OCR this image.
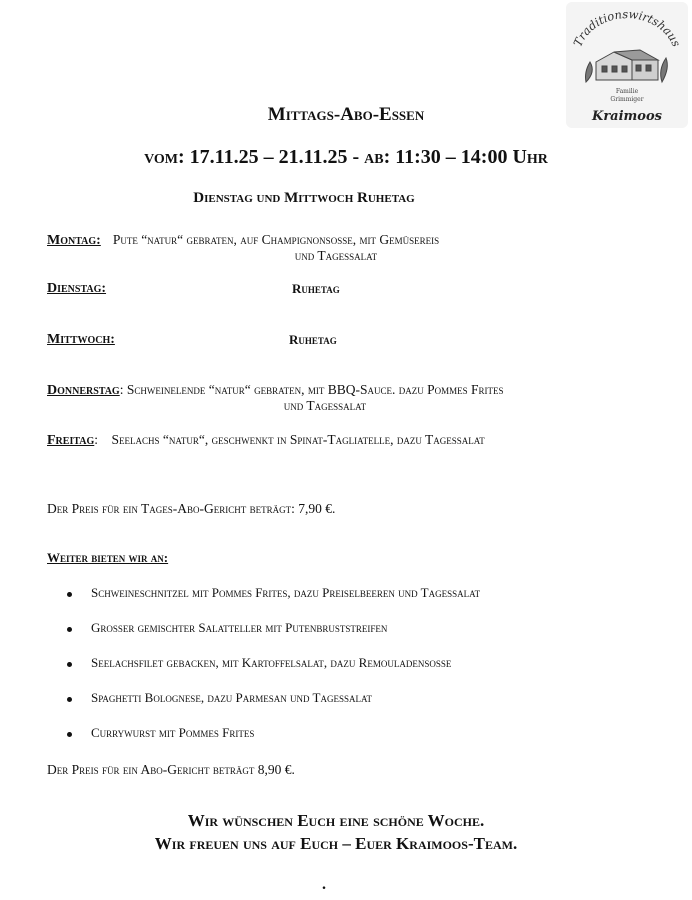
Traditionswirtshaus
Familie
Grimmiger
Kraimoos
Mittags-Abo-Essen
vom: 17.11.25 – 21.11.25 - ab: 11:30 – 14:00 Uhr
Dienstag und Mittwoch Ruhetag
Montag: Pute “natur“ gebraten, auf Champignonsoße, mit Gemüsereis
und Tagessalat
Dienstag:	Ruhetag
Mittwoch:	Ruhetag
Donnerstag: Schweinelende “natur“ gebraten, mit BBQ-Sauce. dazu Pommes Frites
und Tagessalat
Freitag:    Seelachs “natur“, geschwenkt in Spinat-Tagliatelle, dazu Tagessalat
Der Preis für ein Tages-Abo-Gericht beträgt: 7,90 €.
Weiter bieten wir an:
Schweineschnitzel mit Pommes Frites, dazu Preiselbeeren und Tagessalat
Großer gemischter Salatteller mit Putenbruststreifen
Seelachsfilet gebacken, mit Kartoffelsalat, dazu Remouladensoße
Spaghetti Bolognese, dazu Parmesan und Tagessalat
Currywurst mit Pommes Frites
Der Preis für ein Abo-Gericht beträgt 8,90 €.
Wir wünschen Euch eine schöne Woche.
Wir freuen uns auf Euch – Euer Kraimoos-Team.
.
